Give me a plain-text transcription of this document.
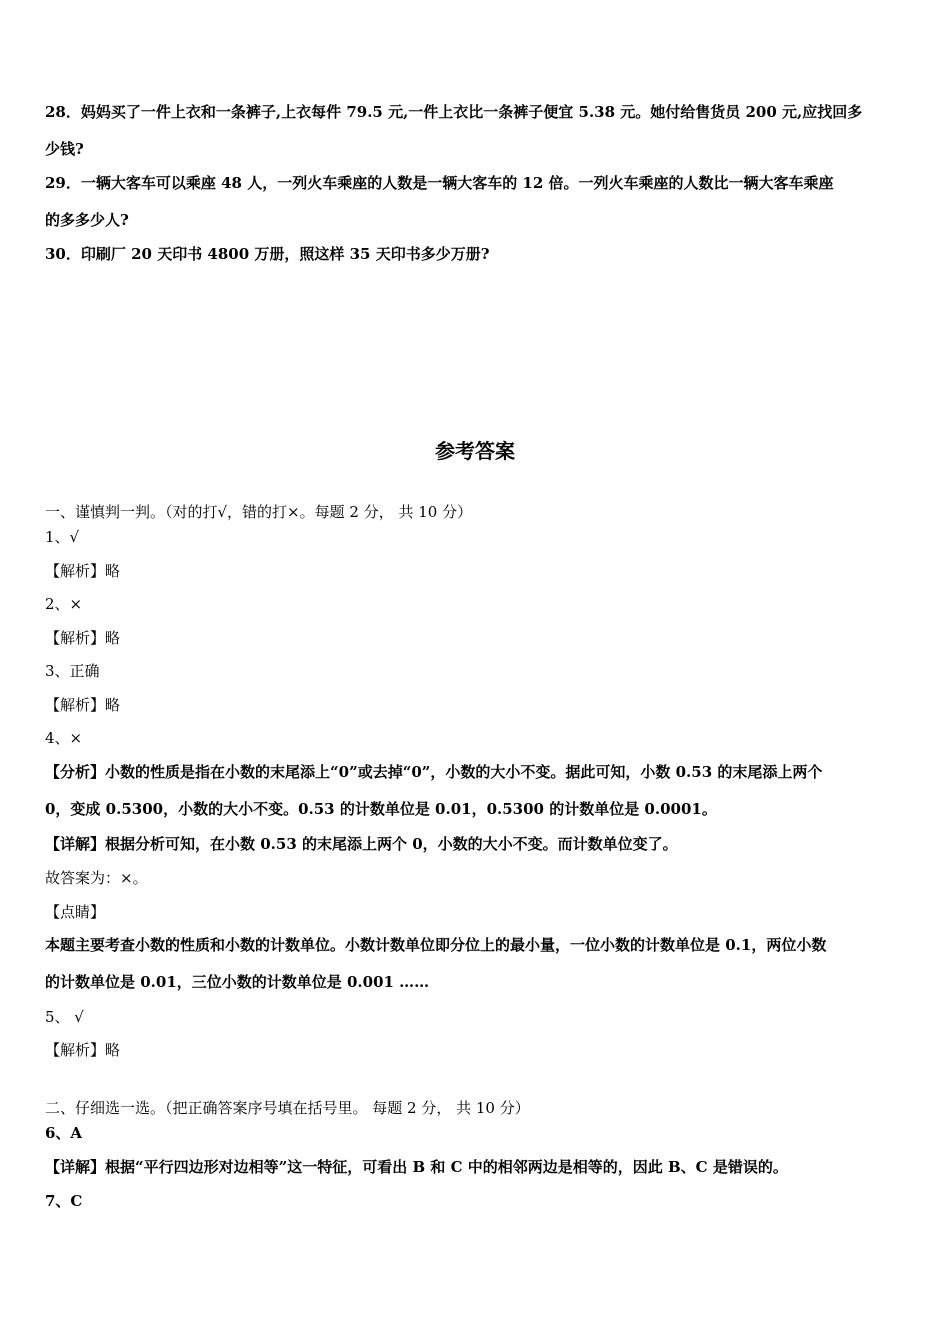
28．妈妈买了一件上衣和一条裤子,上衣每件 79.5 元,一件上衣比一条裤子便宜 5.38 元。她付给售货员 200 元,应找回多
少钱?
29．一辆大客车可以乘座 48 人，一列火车乘座的人数是一辆大客车的 12 倍。一列火车乘座的人数比一辆大客车乘座
的多多少人?
30．印刷厂 20 天印书 4800 万册，照这样 35 天印书多少万册?
参考答案
一、谨慎判一判。（对的打√，错的打×。每题 2 分， 共 10 分）
1、√
【解析】略
2、×
【解析】略
3、正确
【解析】略
4、×
【分析】小数的性质是指在小数的末尾添上“0”或去掉“0”，小数的大小不变。据此可知，小数 0.53 的末尾添上两个
0，变成 0.5300，小数的大小不变。0.53 的计数单位是 0.01，0.5300 的计数单位是 0.0001。
【详解】根据分析可知，在小数 0.53 的末尾添上两个 0，小数的大小不变。而计数单位变了。
故答案为：×。
【点睛】
本题主要考查小数的性质和小数的计数单位。小数计数单位即分位上的最小量，一位小数的计数单位是 0.1，两位小数
的计数单位是 0.01，三位小数的计数单位是 0.001 ……
5、 √
【解析】略
二、仔细选一选。（把正确答案序号填在括号里。 每题 2 分， 共 10 分）
6、A
【详解】根据“平行四边形对边相等”这一特征，可看出 B 和 C 中的相邻两边是相等的，因此 B、C 是错误的。
7、C
